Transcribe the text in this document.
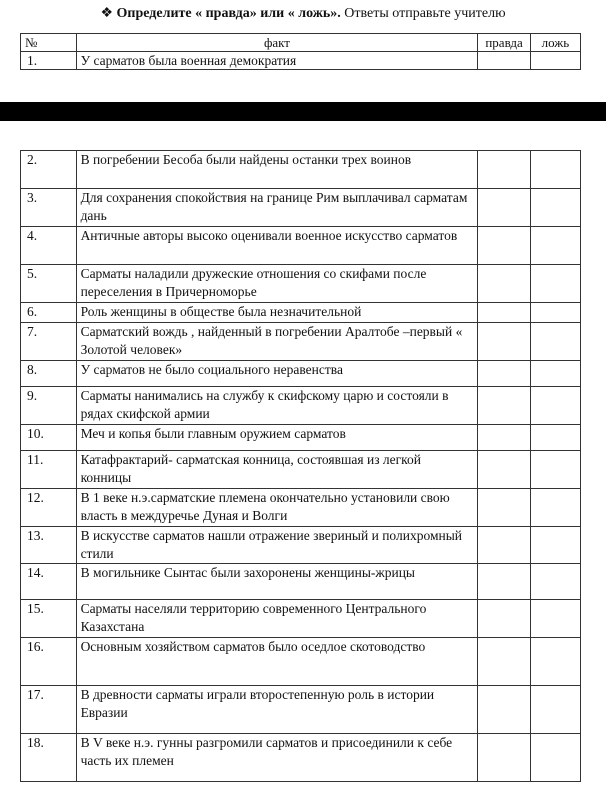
❖ Определите « правда» или « ложь». Ответы отправьте учителю
№	факт	правда	ложь
1.	У сарматов была военная демократия		
2.	В погребении Бесоба были найдены останки трех воинов		
3.	Для сохранения спокойствия на границе Рим выплачивал сарматам дань		
4.	Античные авторы высоко оценивали военное искусство сарматов		
5.	Сарматы наладили дружеские отношения со скифами после переселения в Причерноморье		
6.	Роль женщины в обществе была незначительной		
7.	Сарматский вождь , найденный в погребении Аралтобе –первый « Золотой человек»		
8.	У сарматов не было социального неравенства		
9.	Сарматы нанимались на службу к скифскому царю и состояли в рядах скифской армии		
10.	Меч и копья были главным оружием сарматов		
11.	Катафрактарий- сарматская конница, состоявшая из легкой конницы		
12.	В 1 веке н.э.сарматские племена окончательно установили свою власть в междуречье Дуная и Волги		
13.	В искусстве сарматов нашли отражение звериный и полихромный стили		
14.	В могильнике Сынтас были захоронены женщины-жрицы		
15.	Сарматы населяли территорию современного Центрального Казахстана		
16.	Основным хозяйством сарматов было оседлое скотоводство		
17.	В древности сарматы играли второстепенную роль в истории Евразии		
18.	В V веке н.э. гунны разгромили сарматов и присоединили к себе часть их племен		
